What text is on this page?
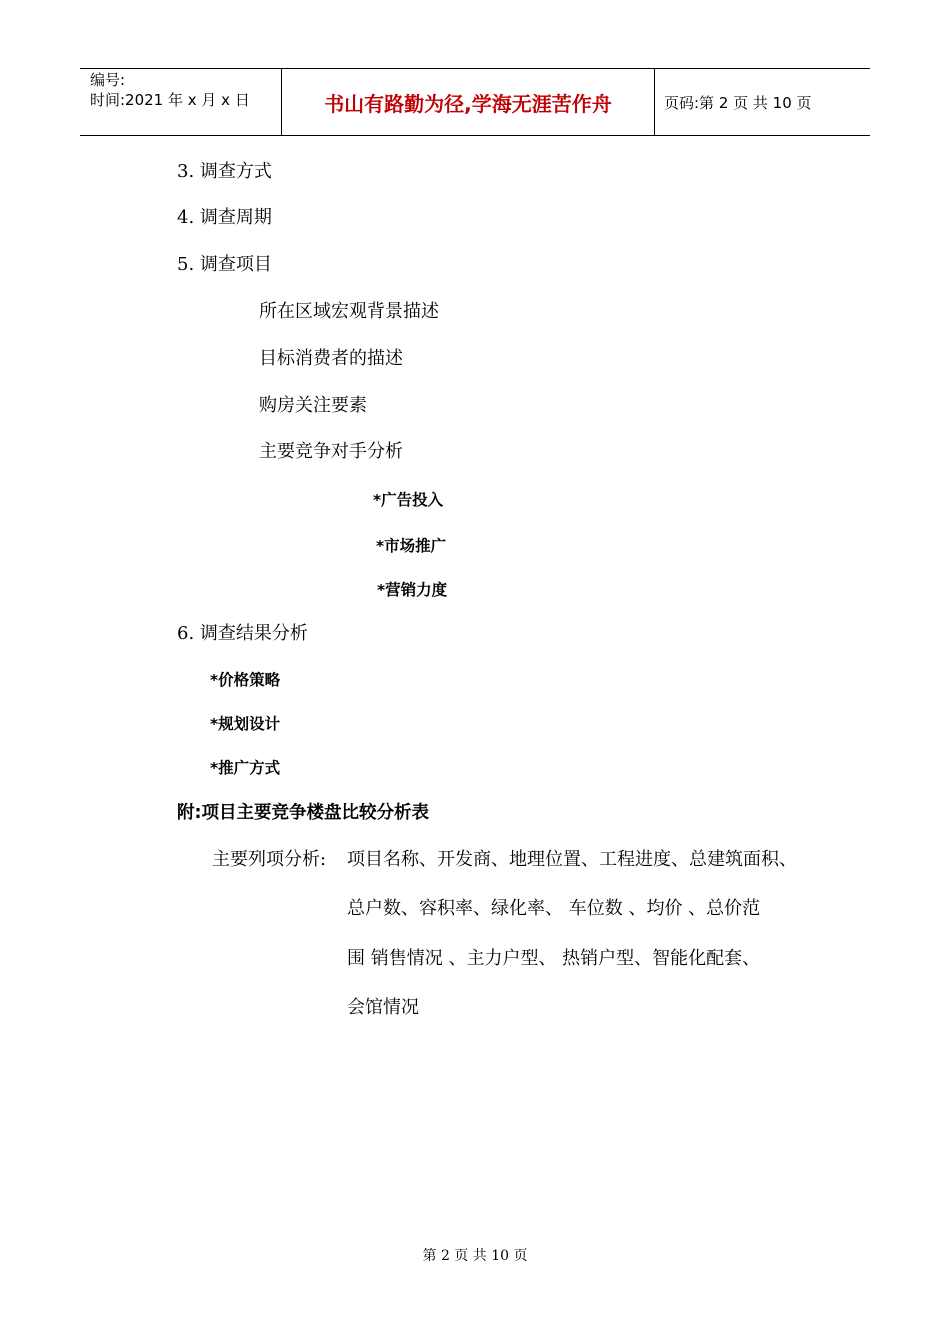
编号:
时间:2021 年 x 月 x 日	书山有路勤为径,学海无涯苦作舟	页码:第 2 页 共 10 页
3. 调查方式
4. 调查周期
5. 调查项目
所在区域宏观背景描述
目标消费者的描述
购房关注要素
主要竞争对手分析
*广告投入
*市场推广
*营销力度
6. 调查结果分析
*价格策略
*规划设计
*推广方式
附:项目主要竞争楼盘比较分析表
主要列项分析: 项目名称、开发商、地理位置、工程进度、总建筑面积、
总户数、容积率、绿化率、 车位数 、均价 、总价范
围 销售情况 、主力户型、 热销户型、智能化配套、
会馆情况
第 2 页 共 10 页
